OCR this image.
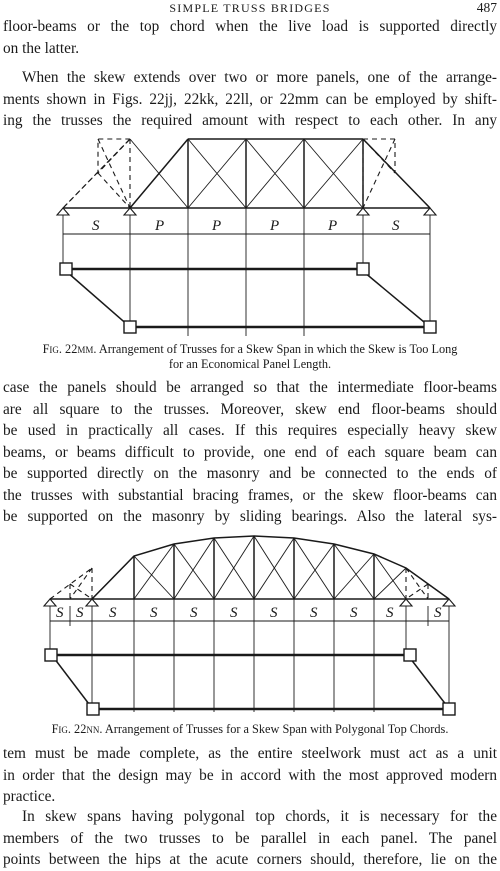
SIMPLE TRUSS BRIDGES	487

floor-beams or the top chord when the live load is supported directly
on the latter.

When the skew extends over two or more panels, one of the arrange-
ments shown in Figs. 22jj, 22kk, 22ll, or 22mm can be employed by shift-
ing the trusses the required amount with respect to each other. In any

S	P	P	P	P	S
Fig. 22mm. Arrangement of Trusses for a Skew Span in which the Skew is Too Long
for an Economical Panel Length.

case the panels should be arranged so that the intermediate floor-beams
are all square to the trusses. Moreover, skew end floor-beams should
be used in practically all cases. If this requires especially heavy skew
beams, or beams difficult to provide, one end of each square beam can
be supported directly on the masonry and be connected to the ends of
the trusses with substantial bracing frames, or the skew floor-beams can
be supported on the masonry by sliding bearings. Also the lateral sys-

S S S S S S S S S S	S
Fig. 22nn. Arrangement of Trusses for a Skew Span with Polygonal Top Chords.

tem must be made complete, as the entire steelwork must act as a unit
in order that the design may be in accord with the most approved modern
practice.

In skew spans having polygonal top chords, it is necessary for the
members of the two trusses to be parallel in each panel. The panel
points between the hips at the acute corners should, therefore, lie on the
